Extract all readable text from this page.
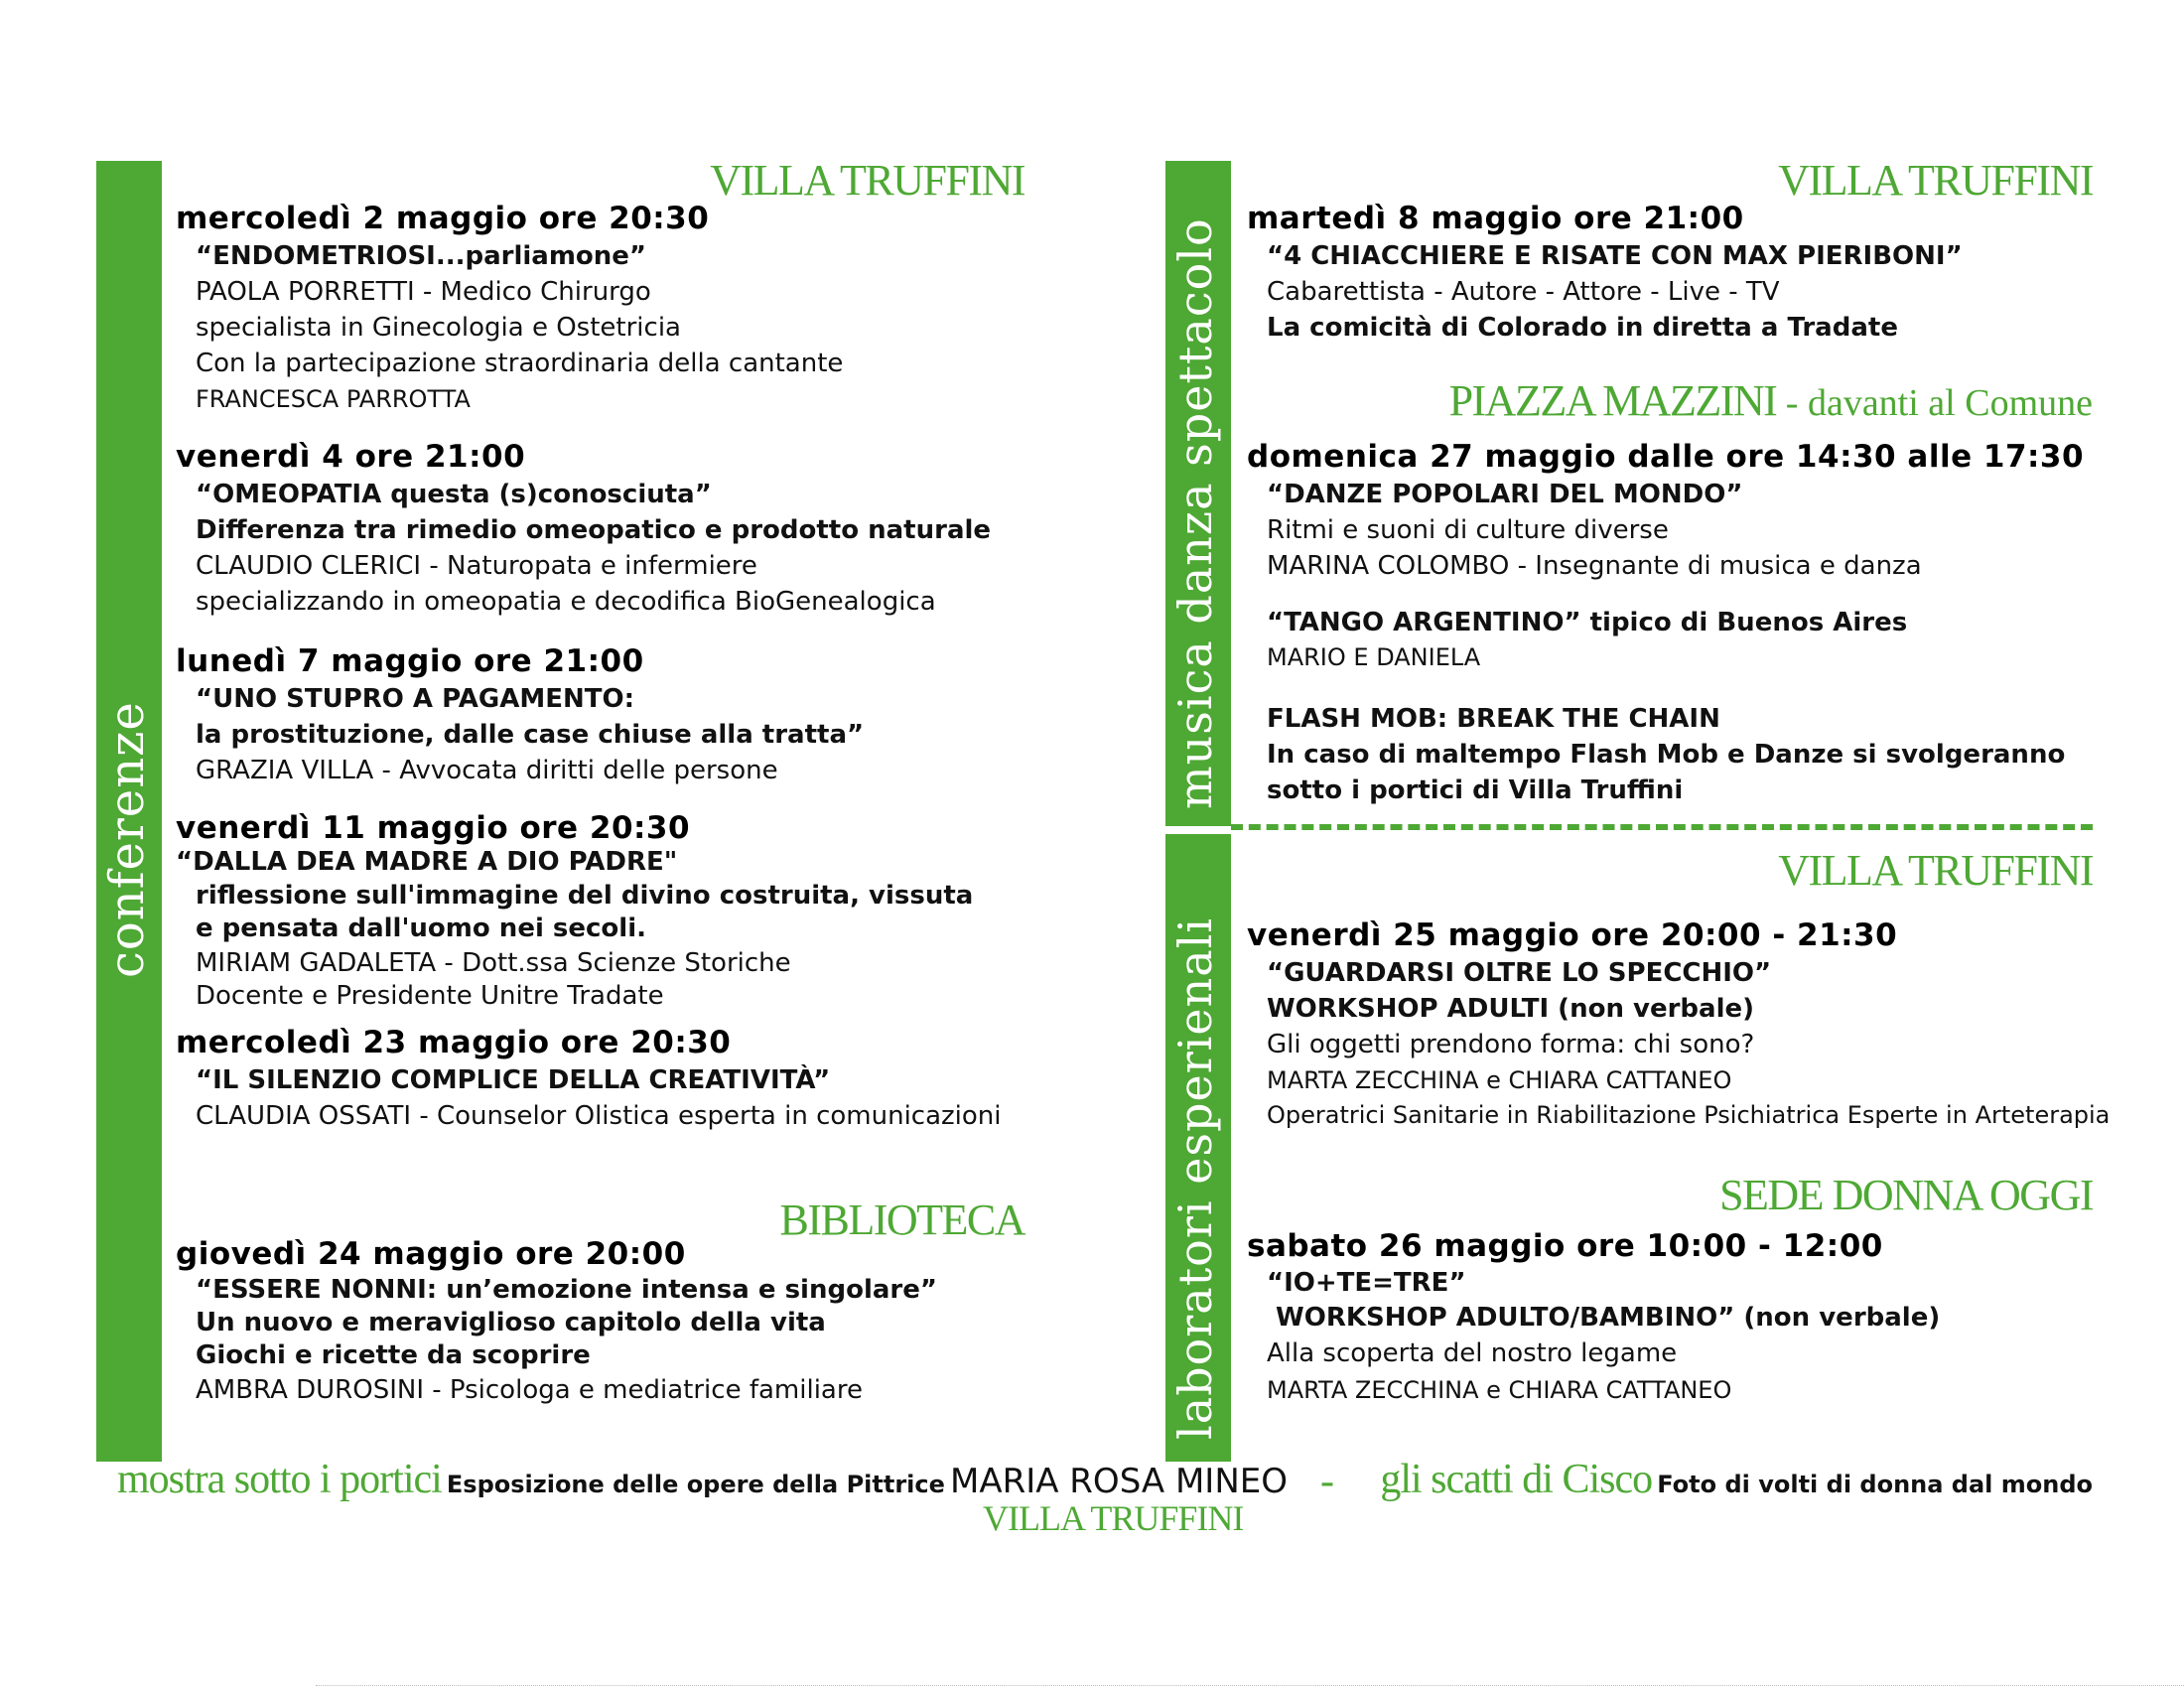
conferenze
VILLA TRUFFINI
mercoledì 2 maggio ore 20:30
“ENDOMETRIOSI...parliamone”
PAOLA PORRETTI - Medico Chirurgo
specialista in Ginecologia e Ostetricia
Con la partecipazione straordinaria della cantante
FRANCESCA PARROTTA
venerdì 4 ore 21:00
“OMEOPATIA questa (s)conosciuta”
Differenza tra rimedio omeopatico e prodotto naturale
CLAUDIO CLERICI - Naturopata e infermiere
specializzando in omeopatia e decodifica BioGenealogica
lunedì 7 maggio ore 21:00
“UNO STUPRO A PAGAMENTO:
la prostituzione, dalle case chiuse alla tratta”
GRAZIA VILLA - Avvocata diritti delle persone
venerdì 11 maggio ore 20:30
“DALLA DEA MADRE A DIO PADRE"
riflessione sull'immagine del divino costruita, vissuta
e pensata dall'uomo nei secoli.
MIRIAM GADALETA - Dott.ssa Scienze Storiche
Docente e Presidente Unitre Tradate
mercoledì 23 maggio ore 20:30
“IL SILENZIO COMPLICE DELLA CREATIVITÀ”
CLAUDIA OSSATI - Counselor Olistica esperta in comunicazioni
BIBLIOTECA
giovedì 24 maggio ore 20:00
“ESSERE NONNI: un’emozione intensa e singolare”
Un nuovo e meraviglioso capitolo della vita
Giochi e ricette da scoprire
AMBRA DUROSINI - Psicologa e mediatrice familiare
musica danza spettacolo
VILLA TRUFFINI
martedì 8 maggio ore 21:00
“4 CHIACCHIERE E RISATE CON MAX PIERIBONI”
Cabarettista - Autore - Attore - Live - TV
La comicità di Colorado in diretta a Tradate
PIAZZA MAZZINI - davanti al Comune
domenica 27 maggio dalle ore 14:30 alle 17:30
“DANZE POPOLARI DEL MONDO”
Ritmi e suoni di culture diverse
MARINA COLOMBO - Insegnante di musica e danza
“TANGO ARGENTINO” tipico di Buenos Aires
MARIO E DANIELA
FLASH MOB: BREAK THE CHAIN
In caso di maltempo Flash Mob e Danze si svolgeranno
sotto i portici di Villa Truffini
laboratori esperienali
VILLA TRUFFINI
venerdì 25 maggio ore 20:00 - 21:30
“GUARDARSI OLTRE LO SPECCHIO”
WORKSHOP ADULTI (non verbale)
Gli oggetti prendono forma: chi sono?
MARTA ZECCHINA e CHIARA CATTANEO
Operatrici Sanitarie in Riabilitazione Psichiatrica Esperte in Arteterapia
SEDE DONNA OGGI
sabato 26 maggio ore 10:00 - 12:00
“IO+TE=TRE”
WORKSHOP ADULTO/BAMBINO” (non verbale)
Alla scoperta del nostro legame
MARTA ZECCHINA e CHIARA CATTANEO
mostra sotto i portici Esposizione delle opere della Pittrice MARIA ROSA MINEO
VILLA TRUFFINI
- gli scatti di Cisco Foto di volti di donna dal mondo
